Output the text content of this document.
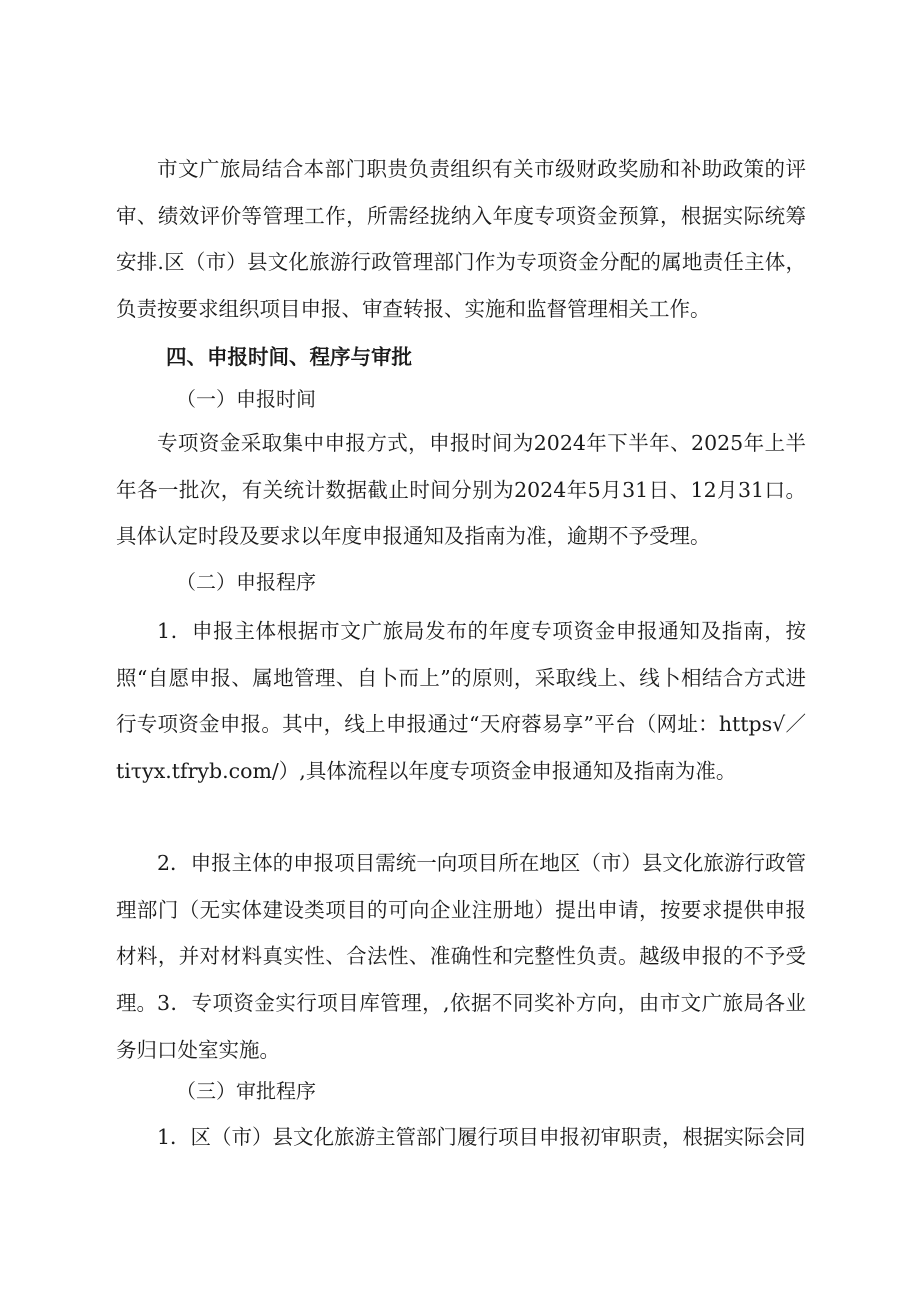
市文广旅局结合本部门职贵负责组织有关市级财政奖励和补助政策的评审、绩效评价等管理工作，所需经拢纳入年度专项资金预算，根据实际统筹安排.区（市）县文化旅游行政管理部门作为专项资金分配的属地责任主体，负责按要求组织项目申报、审查转报、实施和监督管理相关工作。

四、申报时间、程序与审批

（一）申报时间

专项资金采取集中申报方式，申报时间为2024年下半年、2025年上半年各一批次，有关统计数据截止时间分别为2024年5月31日、12月31口。具体认定时段及要求以年度申报通知及指南为准，逾期不予受理。

（二）申报程序

1．申报主体根据市文广旅局发布的年度专项资金申报通知及指南，按照“自愿申报、属地管理、自卜而上”的原则，采取线上、线卜相结合方式进行专项资金申报。其中，线上申报通过“天府蓉易享”平台（网址：https√／tiτyx.tfryb.com/）,具体流程以年度专项资金申报通知及指南为准。

2．申报主体的申报项目需统一向项目所在地区（市）县文化旅游行政管理部门（无实体建设类项目的可向企业注册地）提出申请，按要求提供申报材料，并对材料真实性、合法性、准确性和完整性负责。越级申报的不予受理。 3．专项资金实行项目库管理，,依据不同奖补方向，由市文广旅局各业务归口处室实施。

（三）审批程序

1．区（市）县文化旅游主管部门履行项目申报初审职责，根据实际会同
